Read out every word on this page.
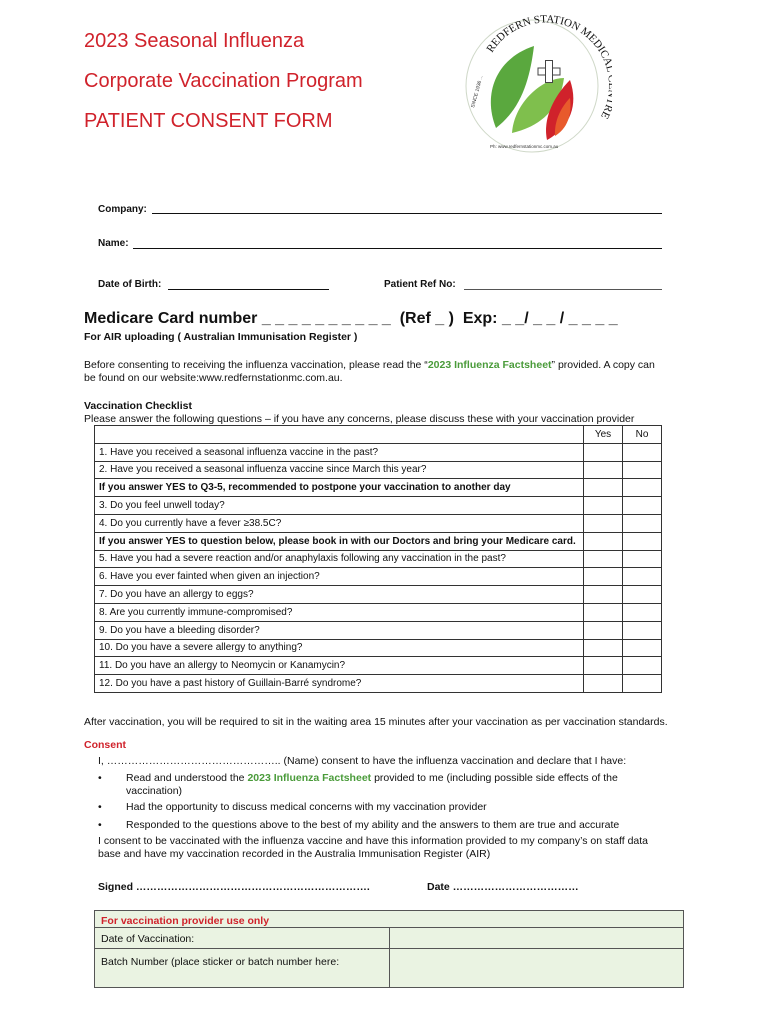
2023 Seasonal Influenza
Corporate Vaccination Program
PATIENT CONSENT FORM
REDFERN STATION MEDIC E
SINCE 1936 ...
Ph: www.redfernstationmc.com.au
Company:
Name:
Date of Birth:	Patient Ref No:
Medicare Card number _ _ _ _ _ _ _ _ _ _  (Ref _ )  Exp: _ _/ _ _ / _ _ _ _
For AIR uploading ( Australian Immunisation Register )
Before consenting to receiving the influenza vaccination, please read the “2023 Influenza Factsheet” provided. A copy can
be found on our website:www.redfernstationmc.com.au.
Vaccination Checklist
Please answer the following questions – if you have any concerns, please discuss these with your vaccination provider
	Yes	No
1. Have you received a seasonal influenza vaccine in the past?		
2. Have you received a seasonal influenza vaccine since March this year?		
If you answer YES to Q3-5, recommended to postpone your vaccination to another day		
3. Do you feel unwell today?		
4. Do you currently have a fever ≥38.5C?		
If you answer YES to question below, please book in with our Doctors and bring your Medicare card.		
5. Have you had a severe reaction and/or anaphylaxis following any vaccination in the past?		
6. Have you ever fainted when given an injection?		
7. Do you have an allergy to eggs?		
8. Are you currently immune-compromised?		
9. Do you have a bleeding disorder?		
10. Do you have a severe allergy to anything?		
11. Do you have an allergy to Neomycin or Kanamycin?		
12. Do you have a past history of Guillain-Barré syndrome?		
After vaccination, you will be required to sit in the waiting area 15 minutes after your vaccination as per vaccination standards.
Consent
I, ………………………………………….. (Name) consent to have the influenza vaccination and declare that I have:
• Read and understood the 2023 Influenza Factsheet provided to me (including possible side effects of the
vaccination)
• Had the opportunity to discuss medical concerns with my vaccination provider
• Responded to the questions above to the best of my ability and the answers to them are true and accurate
I consent to be vaccinated with the influenza vaccine and have this information provided to my company’s on staff data
base and have my vaccination recorded in the Australia Immunisation Register (AIR)
Signed ………………………………………………………….	Date ………………………………
For vaccination provider use only
Date of Vaccination:
Batch Number (place sticker or batch number here:
